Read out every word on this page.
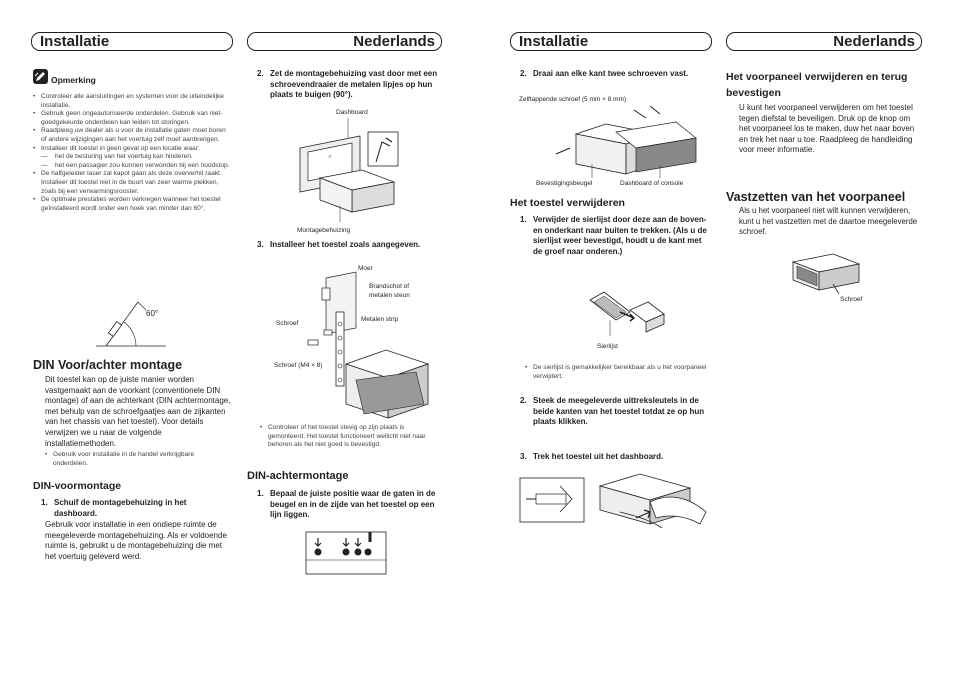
Installatie	Nederlands	Installatie	Nederlands
Opmerking
• Controleer alle aansluitingen en systemen voor de uiteindelijke installatie.
• Gebruik geen ongeautoriseerde onderdelen. Gebruik van niet-goedgekeurde onderdelen kan leiden tot storingen.
• Raadpleeg uw dealer als u voor de installatie gaten moet boren of andere wijzigingen aan het voertuig zelf moet aanbrengen.
• Installeer dit toestel in geen geval op een locatie waar:
— het de besturing van het voertuig kan hinderen.
— het een passagier zou kunnen verwonden bij een noodstop.
• De halfgeleider laser zal kapot gaan als deze oververhit raakt. Installeer dit toestel niet in de buurt van zeer warme plekken, zoals bij een verwarmingsrooster.
• De optimale prestaties worden verkregen wanneer het toestel geïnstalleerd wordt onder een hoek van minder dan 60°.
60°
DIN Voor/achter montage
Dit toestel kan op de juiste manier worden vastgemaakt aan de voorkant (conventionele DIN montage) of aan de achterkant (DIN achtermontage, met behulp van de schroefgaatjes aan de zijkanten van het chassis van het toestel). Voor details verwijzen we u naar de volgende installatiemethoden.
• Gebruik voor installatie in de handel verkrijgbare onderdelen.
DIN-voormontage
1. Schuif de montagebehuizing in het dashboard.
Gebruik voor installatie in een ondiepe ruimte de meegeleverde montagebehuizing. Als er voldoende ruimte is, gebruikt u de montagebehuizing die met het voertuig geleverd werd.
2. Zet de montagebehuizing vast door met een schroevendraaier de metalen lipjes op hun plaats te buigen (90°).
Dashboard
✓
Montagebehuizing
3. Installeer het toestel zoals aangegeven.
Moer
Brandschot of metalen steun
Schroef
Metalen strip
Schroef (M4 × 8)
• Controleer of het toestel stevig op zijn plaats is gemonteerd. Het toestel functioneert wellicht niet naar behoren als het niet goed is bevestigd.
DIN-achtermontage
1. Bepaal de juiste positie waar de gaten in de beugel en in de zijde van het toestel op een lijn liggen.
2. Draai aan elke kant twee schroeven vast.
Zelftappende schroef (5 mm × 8 mm)
Bevestigingsbeugel	Dashboard of console
Het toestel verwijderen
1. Verwijder de sierlijst door deze aan de boven- en onderkant naar buiten te trekken. (Als u de sierlijst weer bevestigd, houdt u de kant met de groef naar onderen.)
Sierlijst
• De sierlijst is gemakkelijker bereikbaar als u het voorpaneel verwijdert.
2. Steek de meegeleverde uittreksleutels in de beide kanten van het toestel totdat ze op hun plaats klikken.
3. Trek het toestel uit het dashboard.
Het voorpaneel verwijderen en terug bevestigen
U kunt het voorpaneel verwijderen om het toestel tegen diefstal te beveiligen. Druk op de knop om het voorpaneel los te maken, duw het naar boven en trek het naar u toe. Raadpleeg de handleiding voor meer informatie.
Vastzetten van het voorpaneel
Als u het voorpaneel niet wilt kunnen verwijderen, kunt u het vastzetten met de daartoe meegeleverde schroef.
Schroef
